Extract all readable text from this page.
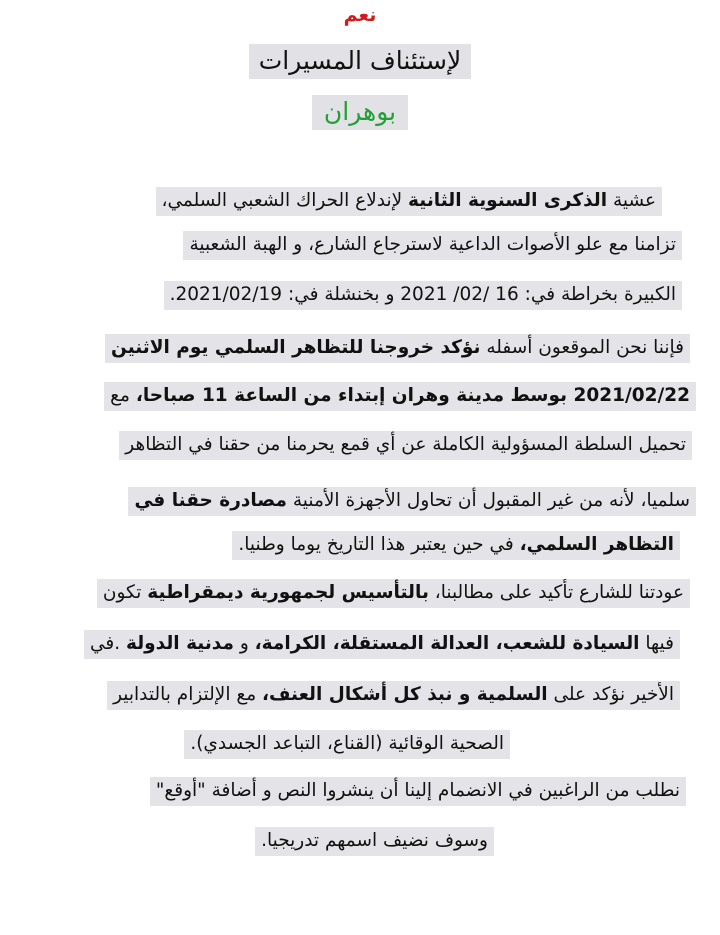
نعم
لإستئناف المسيرات
بوهران
عشية الذكرى السنوية الثانية لإندلاع الحراك الشعبي السلمي،
تزامنا مع علو الأصوات الداعية لاسترجاع الشارع، و الهبة الشعبية
الكبيرة بخراطة في: 16 /02/ 2021 و بخنشلة في: 2021/02/19.
فإننا نحن الموقعون أسفله نؤكد خروجنا للتظاهر السلمي يوم الاثنين
2021/02/22 بوسط مدينة وهران إبتداء من الساعة 11 صباحا، مع
تحميل السلطة المسؤولية الكاملة عن أي قمع يحرمنا من حقنا في التظاهر
سلميا، لأنه من غير المقبول أن تحاول الأجهزة الأمنية مصادرة حقنا في
التظاهر السلمي، في حين يعتبر هذا التاريخ يوما وطنيا.
عودتنا للشارع تأكيد على مطالبنا، بالتأسيس لجمهورية ديمقراطية تكون
فيها السيادة للشعب، العدالة المستقلة، الكرامة، و مدنية الدولة .في
الأخير نؤكد على السلمية و نبذ كل أشكال العنف، مع الإلتزام بالتدابير
الصحية الوقائية (القناع، التباعد الجسدي).
نطلب من الراغبين في الانضمام إلينا أن ينشروا النص و أضافة "أوقع"
وسوف نضيف اسمهم تدريجيا.
